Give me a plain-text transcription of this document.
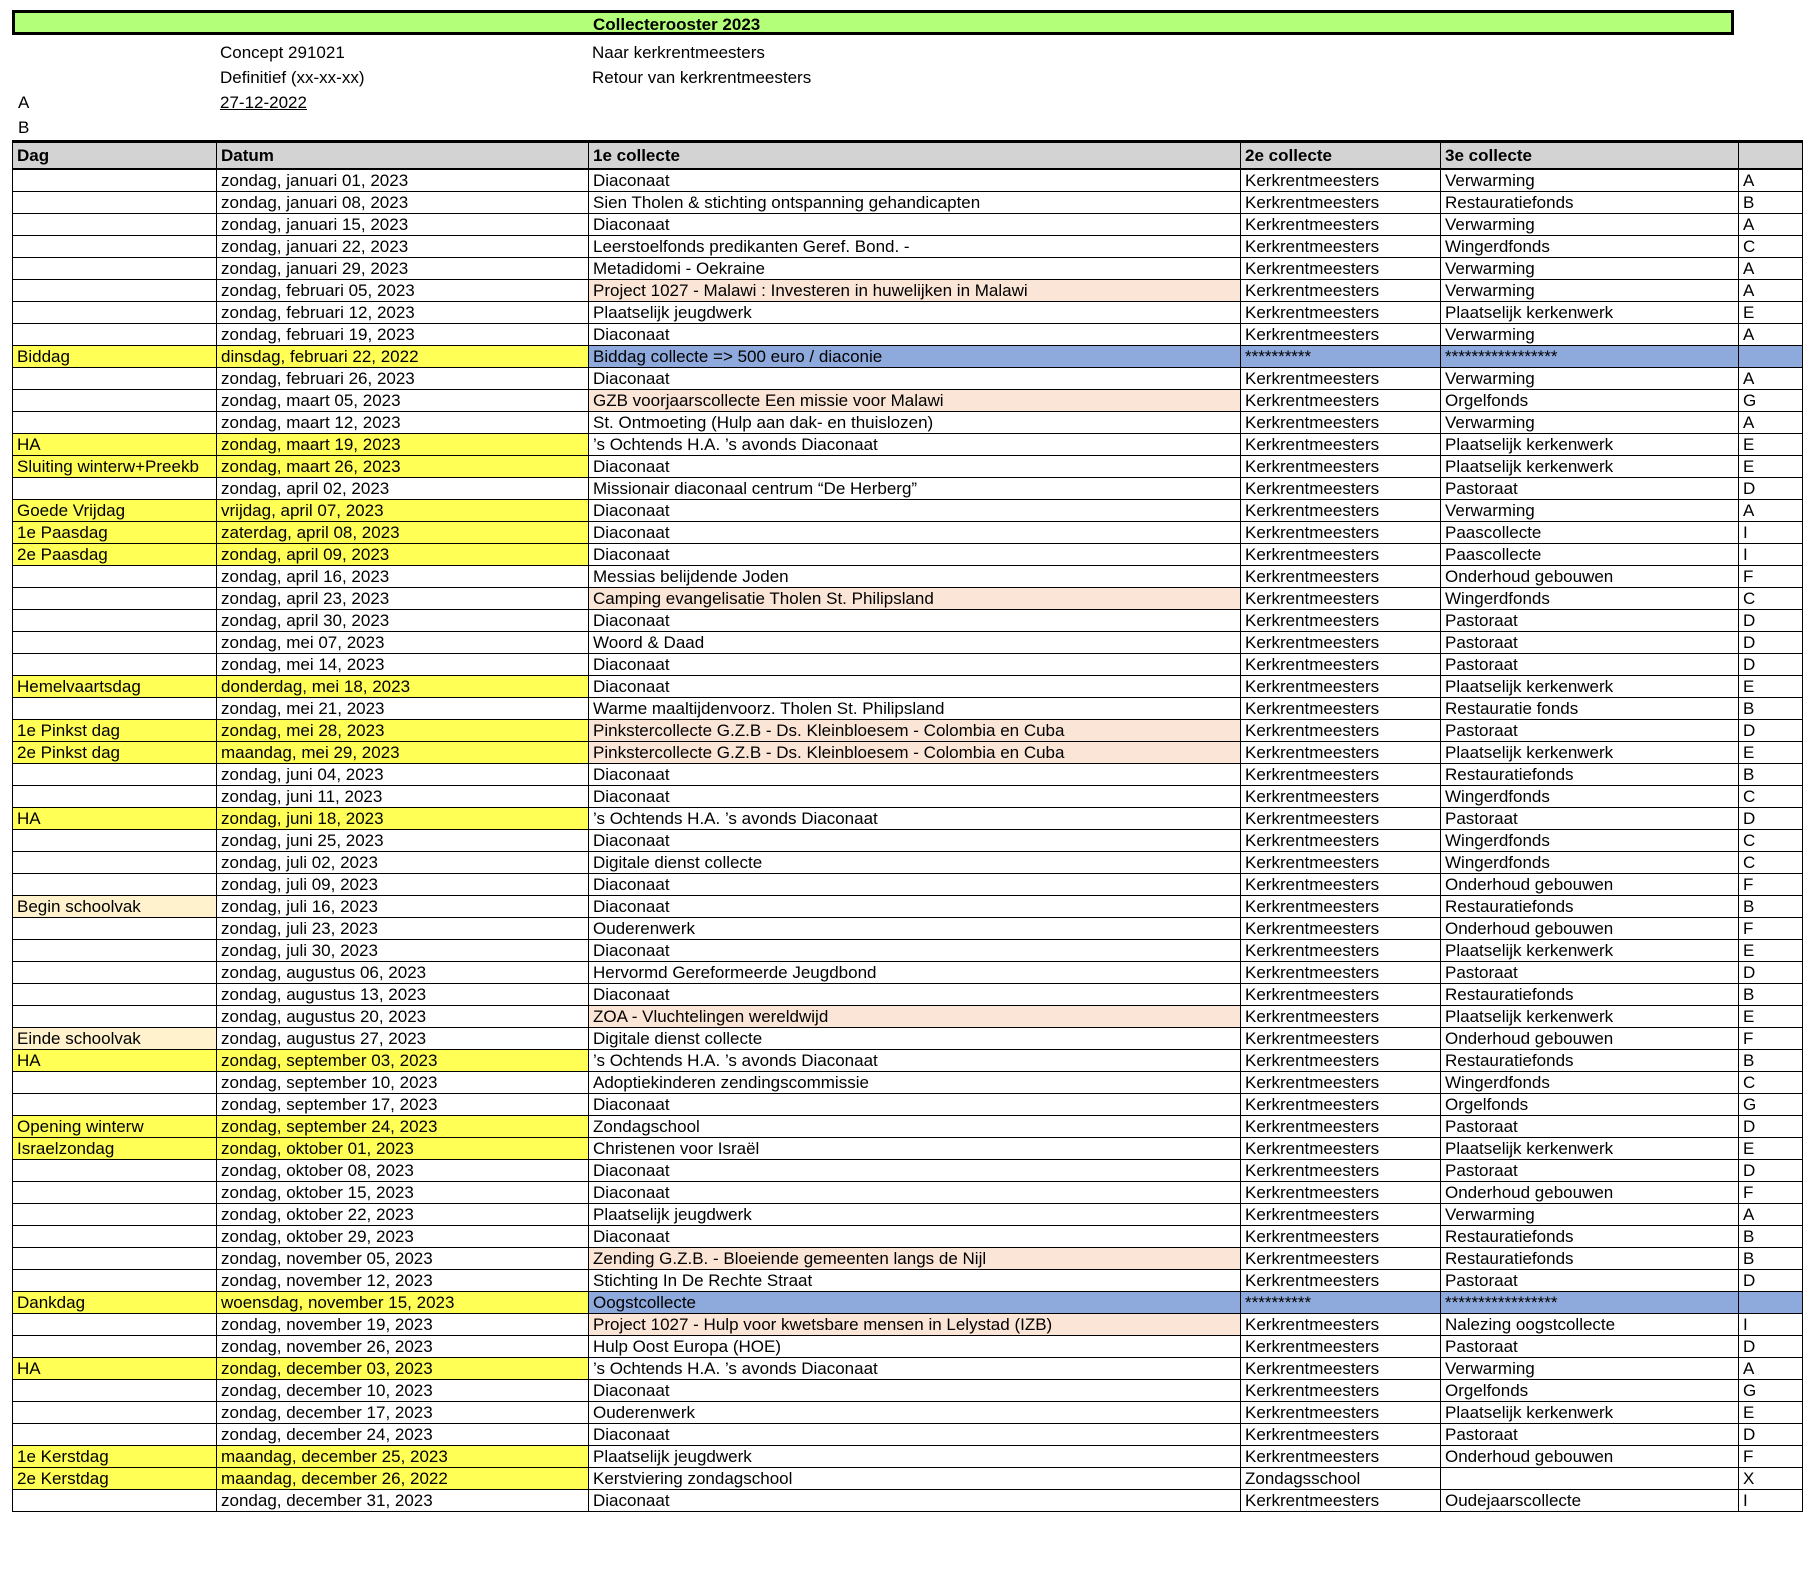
Collecterooster 2023
Concept 291021
Definitief (xx-xx-xx)
27-12-2022
Naar kerkrentmeesters
Retour van kerkrentmeesters
A
B
Dag	Datum	1e collecte	2e collecte	3e collecte	
	zondag, januari 01, 2023	Diaconaat	Kerkrentmeesters	Verwarming	A
	zondag, januari 08, 2023	Sien Tholen & stichting ontspanning gehandicapten	Kerkrentmeesters	Restauratiefonds	B
	zondag, januari 15, 2023	Diaconaat	Kerkrentmeesters	Verwarming	A
	zondag, januari 22, 2023	Leerstoelfonds predikanten Geref. Bond. -	Kerkrentmeesters	Wingerdfonds	C
	zondag, januari 29, 2023	Metadidomi - Oekraine	Kerkrentmeesters	Verwarming	A
	zondag, februari 05, 2023	Project 1027 - Malawi : Investeren in huwelijken in Malawi	Kerkrentmeesters	Verwarming	A
	zondag, februari 12, 2023	Plaatselijk jeugdwerk	Kerkrentmeesters	Plaatselijk kerkenwerk	E
	zondag, februari 19, 2023	Diaconaat	Kerkrentmeesters	Verwarming	A
Biddag	dinsdag, februari 22, 2022	Biddag collecte => 500 euro / diaconie	**********	*****************	
	zondag, februari 26, 2023	Diaconaat	Kerkrentmeesters	Verwarming	A
	zondag, maart 05, 2023	GZB voorjaarscollecte Een missie voor Malawi	Kerkrentmeesters	Orgelfonds	G
	zondag, maart 12, 2023	St. Ontmoeting (Hulp aan dak- en thuislozen)	Kerkrentmeesters	Verwarming	A
HA	zondag, maart 19, 2023	’s Ochtends H.A. ’s avonds Diaconaat	Kerkrentmeesters	Plaatselijk kerkenwerk	E
Sluiting winterw+Preekb	zondag, maart 26, 2023	Diaconaat	Kerkrentmeesters	Plaatselijk kerkenwerk	E
	zondag, april 02, 2023	Missionair diaconaal centrum “De Herberg”	Kerkrentmeesters	Pastoraat	D
Goede Vrijdag	vrijdag, april 07, 2023	Diaconaat	Kerkrentmeesters	Verwarming	A
1e Paasdag	zaterdag, april 08, 2023	Diaconaat	Kerkrentmeesters	Paascollecte	I
2e Paasdag	zondag, april 09, 2023	Diaconaat	Kerkrentmeesters	Paascollecte	I
	zondag, april 16, 2023	Messias belijdende Joden	Kerkrentmeesters	Onderhoud gebouwen	F
	zondag, april 23, 2023	Camping evangelisatie Tholen St. Philipsland	Kerkrentmeesters	Wingerdfonds	C
	zondag, april 30, 2023	Diaconaat	Kerkrentmeesters	Pastoraat	D
	zondag, mei 07, 2023	Woord & Daad	Kerkrentmeesters	Pastoraat	D
	zondag, mei 14, 2023	Diaconaat	Kerkrentmeesters	Pastoraat	D
Hemelvaartsdag	donderdag, mei 18, 2023	Diaconaat	Kerkrentmeesters	Plaatselijk kerkenwerk	E
	zondag, mei 21, 2023	Warme maaltijdenvoorz. Tholen St. Philipsland	Kerkrentmeesters	Restauratie fonds	B
1e Pinkst dag	zondag, mei 28, 2023	Pinkstercollecte G.Z.B - Ds. Kleinbloesem - Colombia en Cuba	Kerkrentmeesters	Pastoraat	D
2e Pinkst dag	maandag, mei 29, 2023	Pinkstercollecte G.Z.B - Ds. Kleinbloesem - Colombia en Cuba	Kerkrentmeesters	Plaatselijk kerkenwerk	E
	zondag, juni 04, 2023	Diaconaat	Kerkrentmeesters	Restauratiefonds	B
	zondag, juni 11, 2023	Diaconaat	Kerkrentmeesters	Wingerdfonds	C
HA	zondag, juni 18, 2023	’s Ochtends H.A. ’s avonds Diaconaat	Kerkrentmeesters	Pastoraat	D
	zondag, juni 25, 2023	Diaconaat	Kerkrentmeesters	Wingerdfonds	C
	zondag, juli 02, 2023	Digitale dienst collecte	Kerkrentmeesters	Wingerdfonds	C
	zondag, juli 09, 2023	Diaconaat	Kerkrentmeesters	Onderhoud gebouwen	F
Begin schoolvak	zondag, juli 16, 2023	Diaconaat	Kerkrentmeesters	Restauratiefonds	B
	zondag, juli 23, 2023	Ouderenwerk	Kerkrentmeesters	Onderhoud gebouwen	F
	zondag, juli 30, 2023	Diaconaat	Kerkrentmeesters	Plaatselijk kerkenwerk	E
	zondag, augustus 06, 2023	Hervormd Gereformeerde Jeugdbond	Kerkrentmeesters	Pastoraat	D
	zondag, augustus 13, 2023	Diaconaat	Kerkrentmeesters	Restauratiefonds	B
	zondag, augustus 20, 2023	ZOA - Vluchtelingen wereldwijd	Kerkrentmeesters	Plaatselijk kerkenwerk	E
Einde schoolvak	zondag, augustus 27, 2023	Digitale dienst collecte	Kerkrentmeesters	Onderhoud gebouwen	F
HA	zondag, september 03, 2023	’s Ochtends H.A. ’s avonds Diaconaat	Kerkrentmeesters	Restauratiefonds	B
	zondag, september 10, 2023	Adoptiekinderen zendingscommissie	Kerkrentmeesters	Wingerdfonds	C
	zondag, september 17, 2023	Diaconaat	Kerkrentmeesters	Orgelfonds	G
Opening winterw	zondag, september 24, 2023	Zondagschool	Kerkrentmeesters	Pastoraat	D
Israelzondag	zondag, oktober 01, 2023	Christenen voor Israël	Kerkrentmeesters	Plaatselijk kerkenwerk	E
	zondag, oktober 08, 2023	Diaconaat	Kerkrentmeesters	Pastoraat	D
	zondag, oktober 15, 2023	Diaconaat	Kerkrentmeesters	Onderhoud gebouwen	F
	zondag, oktober 22, 2023	Plaatselijk jeugdwerk	Kerkrentmeesters	Verwarming	A
	zondag, oktober 29, 2023	Diaconaat	Kerkrentmeesters	Restauratiefonds	B
	zondag, november 05, 2023	Zending G.Z.B. - Bloeiende gemeenten langs de Nijl	Kerkrentmeesters	Restauratiefonds	B
	zondag, november 12, 2023	Stichting In De Rechte Straat	Kerkrentmeesters	Pastoraat	D
Dankdag	woensdag, november 15, 2023	Oogstcollecte	**********	*****************	
	zondag, november 19, 2023	Project 1027 - Hulp voor kwetsbare mensen in Lelystad (IZB)	Kerkrentmeesters	Nalezing oogstcollecte	I
	zondag, november 26, 2023	Hulp Oost Europa (HOE)	Kerkrentmeesters	Pastoraat	D
HA	zondag, december 03, 2023	’s Ochtends H.A. ’s avonds Diaconaat	Kerkrentmeesters	Verwarming	A
	zondag, december 10, 2023	Diaconaat	Kerkrentmeesters	Orgelfonds	G
	zondag, december 17, 2023	Ouderenwerk	Kerkrentmeesters	Plaatselijk kerkenwerk	E
	zondag, december 24, 2023	Diaconaat	Kerkrentmeesters	Pastoraat	D
1e Kerstdag	maandag, december 25, 2023	Plaatselijk jeugdwerk	Kerkrentmeesters	Onderhoud gebouwen	F
2e Kerstdag	maandag, december 26, 2022	Kerstviering zondagschool	Zondagsschool		X
	zondag, december 31, 2023	Diaconaat	Kerkrentmeesters	Oudejaarscollecte	I
